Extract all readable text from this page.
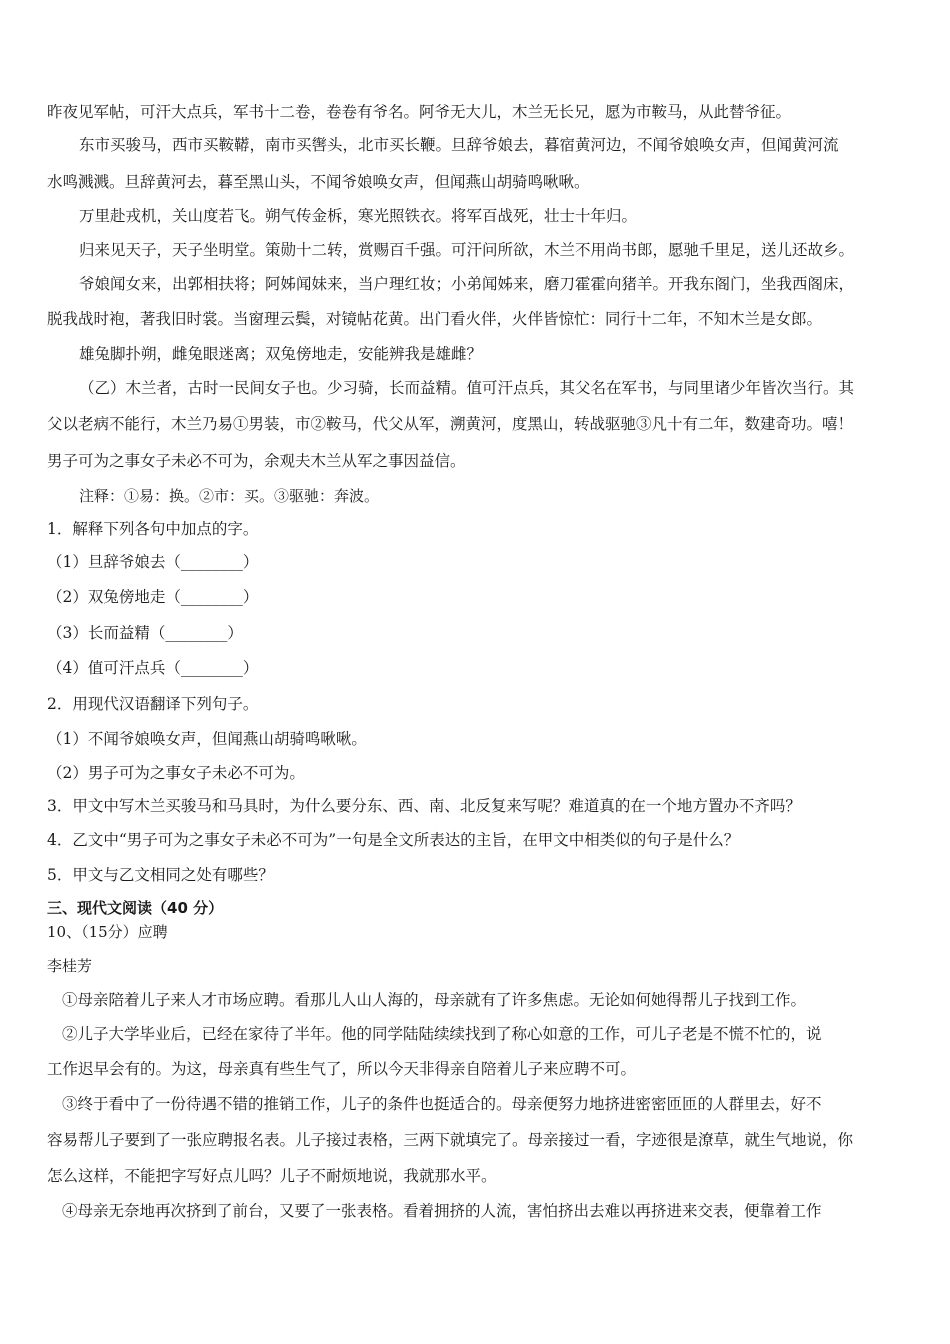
昨夜见军帖，可汗大点兵，军书十二卷，卷卷有爷名。阿爷无大儿，木兰无长兄，愿为市鞍马，从此替爷征。
东市买骏马，西市买鞍鞯，南市买辔头，北市买长鞭。旦辞爷娘去，暮宿黄河边，不闻爷娘唤女声，但闻黄河流
水鸣溅溅。旦辞黄河去，暮至黑山头，不闻爷娘唤女声，但闻燕山胡骑鸣啾啾。
万里赴戎机，关山度若飞。朔气传金柝，寒光照铁衣。将军百战死，壮士十年归。
归来见天子，天子坐明堂。策勋十二转，赏赐百千强。可汗问所欲，木兰不用尚书郎，愿驰千里足，送儿还故乡。
爷娘闻女来，出郭相扶将；阿姊闻妹来，当户理红妆；小弟闻姊来，磨刀霍霍向猪羊。开我东阁门，坐我西阁床，
脱我战时袍，著我旧时裳。当窗理云鬓，对镜帖花黄。出门看火伴，火伴皆惊忙：同行十二年，不知木兰是女郎。
雄兔脚扑朔，雌兔眼迷离；双兔傍地走，安能辨我是雄雌？
（乙）木兰者，古时一民间女子也。少习骑，长而益精。值可汗点兵，其父名在军书，与同里诸少年皆次当行。其
父以老病不能行，木兰乃易①男装，市②鞍马，代父从军，溯黄河，度黑山，转战驱驰③凡十有二年，数建奇功。嘻！
男子可为之事女子未必不可为，余观夫木兰从军之事因益信。
注释：①易：换。②市：买。③驱驰：奔波。
1．解释下列各句中加点的字。
（1）旦辞爷娘去（________）
（2）双兔傍地走（________）
（3）长而益精（________）
（4）值可汗点兵（________）
2．用现代汉语翻译下列句子。
（1）不闻爷娘唤女声，但闻燕山胡骑鸣啾啾。
（2）男子可为之事女子未必不可为。
3．甲文中写木兰买骏马和马具时，为什么要分东、西、南、北反复来写呢？难道真的在一个地方置办不齐吗？
4．乙文中“男子可为之事女子未必不可为”一句是全文所表达的主旨，在甲文中相类似的句子是什么？
5．甲文与乙文相同之处有哪些？
三、现代文阅读（40 分）
10、（15分）应聘
李桂芳
①母亲陪着儿子来人才市场应聘。看那儿人山人海的，母亲就有了许多焦虑。无论如何她得帮儿子找到工作。
②儿子大学毕业后，已经在家待了半年。他的同学陆陆续续找到了称心如意的工作，可儿子老是不慌不忙的，说
工作迟早会有的。为这，母亲真有些生气了，所以今天非得亲自陪着儿子来应聘不可。
③终于看中了一份待遇不错的推销工作，儿子的条件也挺适合的。母亲便努力地挤进密密匝匝的人群里去，好不
容易帮儿子要到了一张应聘报名表。儿子接过表格，三两下就填完了。母亲接过一看，字迹很是潦草，就生气地说，你
怎么这样，不能把字写好点儿吗？儿子不耐烦地说，我就那水平。
④母亲无奈地再次挤到了前台，又要了一张表格。看着拥挤的人流，害怕挤出去难以再挤进来交表，便靠着工作
